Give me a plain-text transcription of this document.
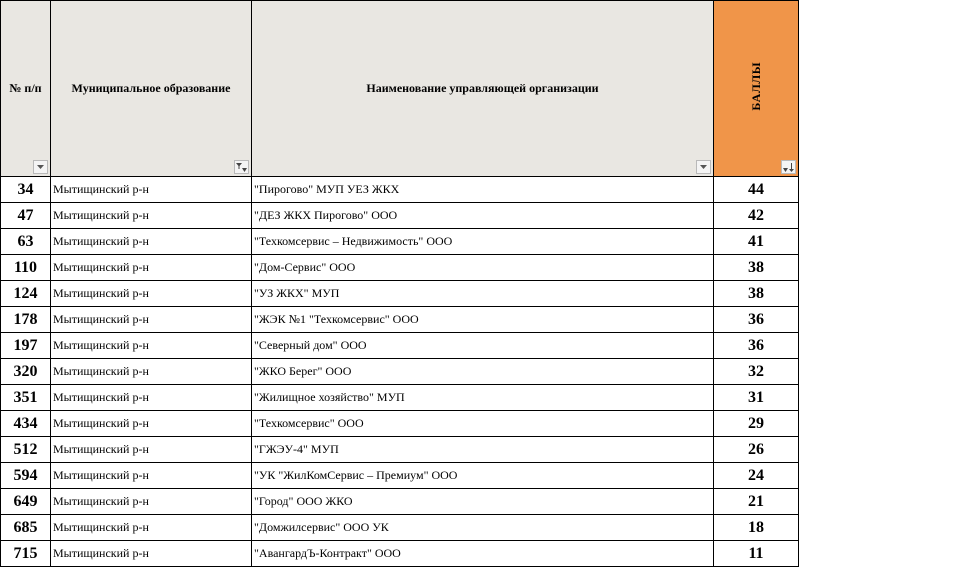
№ п/п	Муниципальное образование	Наименование управляющей организации	БАЛЛЫ

34	Мытищинский р-н	"Пирогово" МУП УЕЗ ЖКХ	44
47	Мытищинский р-н	"ДЕЗ ЖКХ Пирогово" ООО	42
63	Мытищинский р-н	"Техкомсервис – Недвижимость" ООО	41
110	Мытищинский р-н	"Дом-Сервис" ООО	38
124	Мытищинский р-н	"УЗ ЖКХ" МУП	38
178	Мытищинский р-н	"ЖЭК №1 "Техкомсервис" ООО	36
197	Мытищинский р-н	"Северный дом" ООО	36
320	Мытищинский р-н	"ЖКО Берег" ООО	32
351	Мытищинский р-н	"Жилищное хозяйство" МУП	31
434	Мытищинский р-н	"Техкомсервис" ООО	29
512	Мытищинский р-н	"ГЖЭУ-4" МУП	26
594	Мытищинский р-н	"УК "ЖилКомСервис – Премиум" ООО	24
649	Мытищинский р-н	"Город" ООО ЖКО	21
685	Мытищинский р-н	"Домжилсервис" ООО УК	18
715	Мытищинский р-н	"АвангардЪ-Контракт" ООО	11
